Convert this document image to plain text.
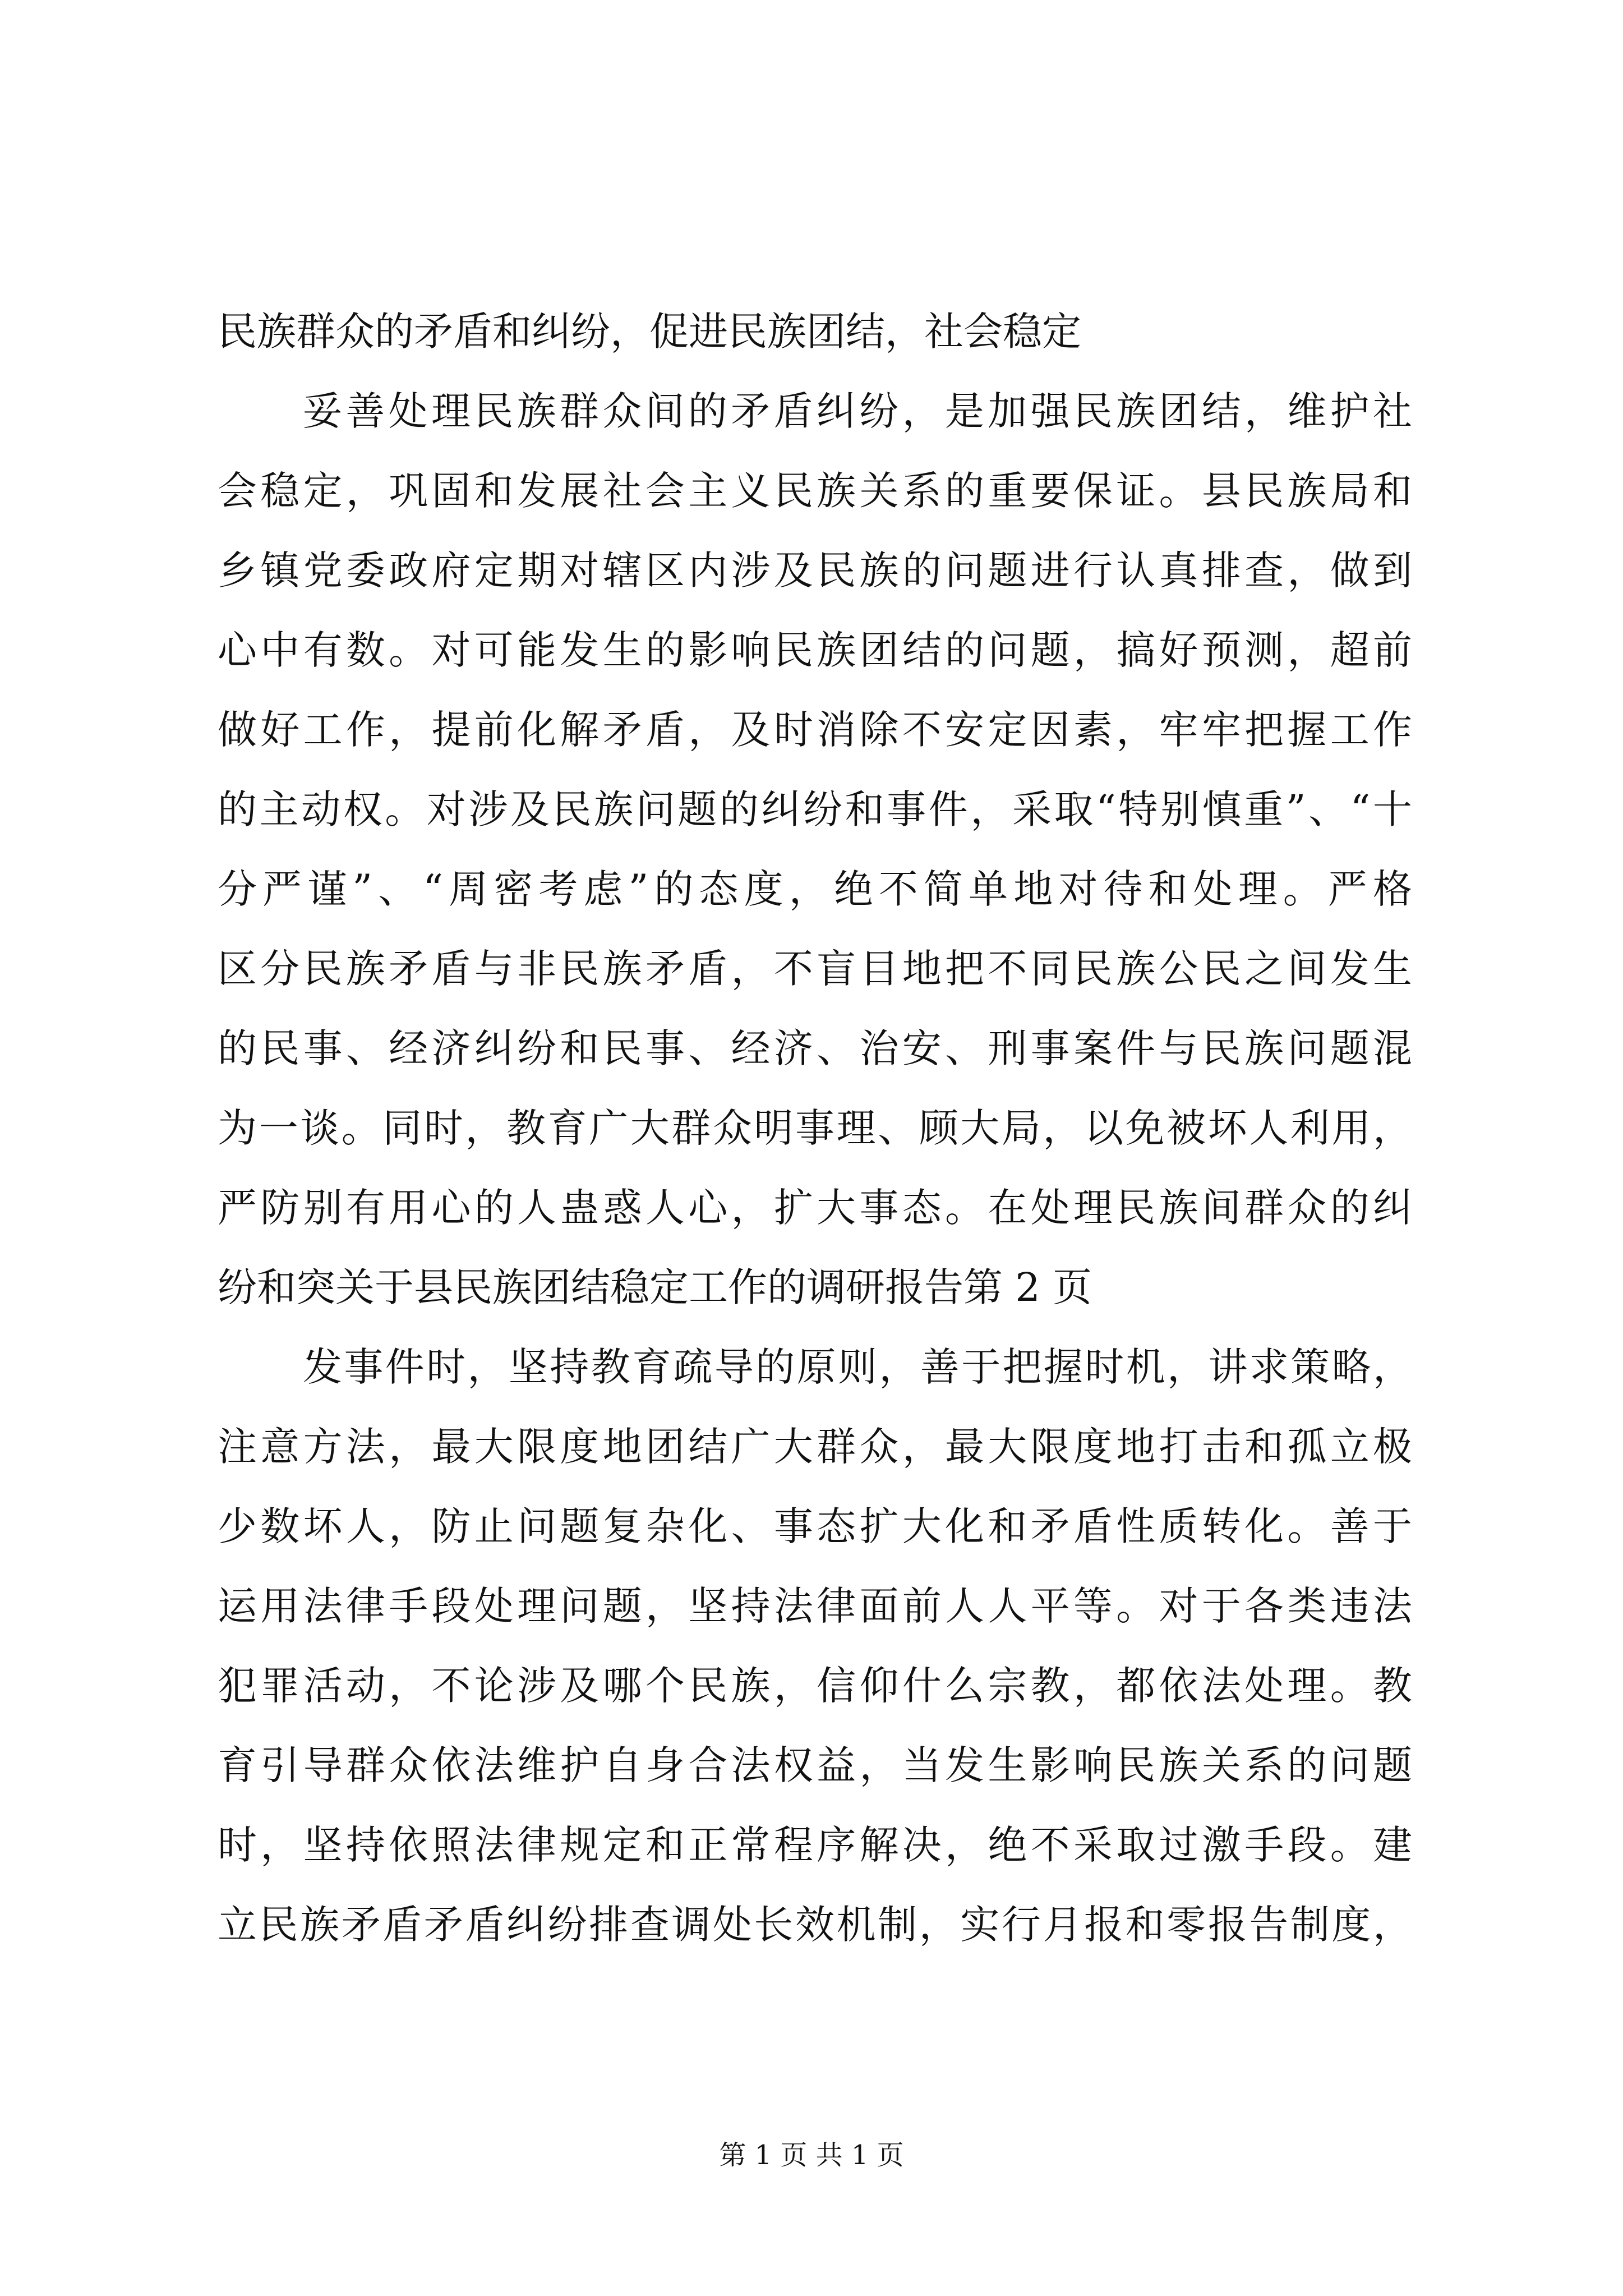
民族群众的矛盾和纠纷，促进民族团结，社会稳定
妥善处理民族群众间的矛盾纠纷，是加强民族团结，维护社
会稳定，巩固和发展社会主义民族关系的重要保证。县民族局和
乡镇党委政府定期对辖区内涉及民族的问题进行认真排查，做到
心中有数。对可能发生的影响民族团结的问题，搞好预测，超前
做好工作，提前化解矛盾，及时消除不安定因素，牢牢把握工作
的主动权。对涉及民族问题的纠纷和事件，采取“特别慎重”、“十
分严谨”、“周密考虑”的态度，绝不简单地对待和处理。严格
区分民族矛盾与非民族矛盾，不盲目地把不同民族公民之间发生
的民事、经济纠纷和民事、经济、治安、刑事案件与民族问题混
为一谈。同时，教育广大群众明事理、顾大局，以免被坏人利用，
严防别有用心的人蛊惑人心，扩大事态。在处理民族间群众的纠
纷和突关于县民族团结稳定工作的调研报告第 2 页
发事件时，坚持教育疏导的原则，善于把握时机，讲求策略，
注意方法，最大限度地团结广大群众，最大限度地打击和孤立极
少数坏人，防止问题复杂化、事态扩大化和矛盾性质转化。善于
运用法律手段处理问题，坚持法律面前人人平等。对于各类违法
犯罪活动，不论涉及哪个民族，信仰什么宗教，都依法处理。教
育引导群众依法维护自身合法权益，当发生影响民族关系的问题
时，坚持依照法律规定和正常程序解决，绝不采取过激手段。建
立民族矛盾矛盾纠纷排查调处长效机制，实行月报和零报告制度，
第 1 页 共 1 页
